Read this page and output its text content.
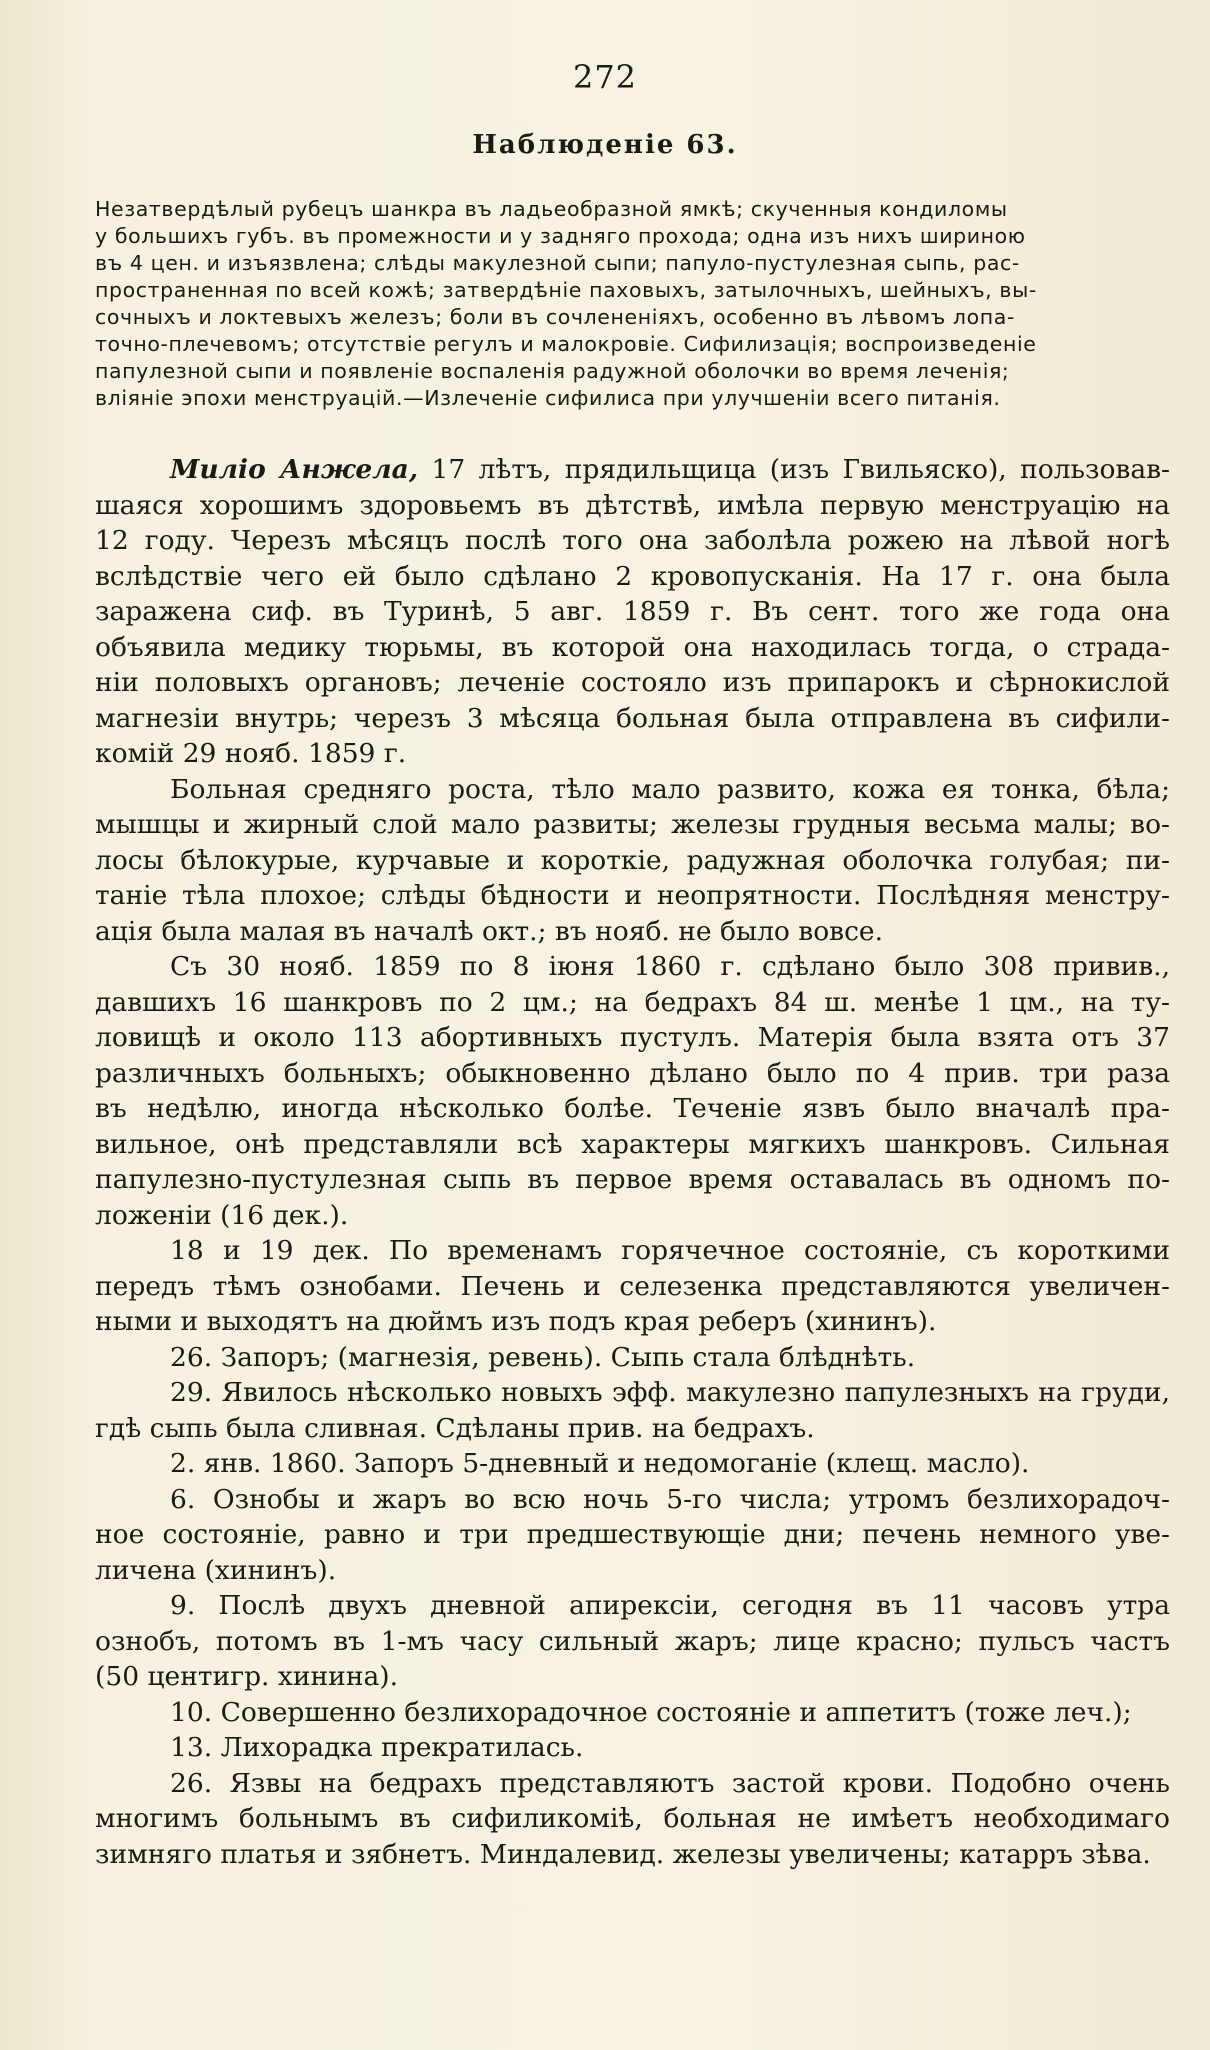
272
Наблюденіе 63.
Незатвердѣлый рубецъ шанкра въ ладьеобразной ямкѣ; скученныя кондиломы
у большихъ губъ. въ промежности и у задняго прохода; одна изъ нихъ шириною
въ 4 цен. и изъязвлена; слѣды макулезной сыпи; папуло-пустулезная сыпь, рас-
пространенная по всей кожѣ; затвердѣніе паховыхъ, затылочныхъ, шейныхъ, вы-
сочныхъ и локтевыхъ железъ; боли въ сочлененіяхъ, особенно въ лѣвомъ лопа-
точно-плечевомъ; отсутствіе регулъ и малокровіе. Сифилизація; воспроизведеніе
папулезной сыпи и появленіе воспаленія радужной оболочки во время леченія;
вліяніе эпохи менструацій.—Излеченіе сифилиса при улучшеніи всего питанія.
Миліо Анжела, 17 лѣтъ, прядильщица (изъ Гвильяско), пользовав-
шаяся хорошимъ здоровьемъ въ дѣтствѣ, имѣла первую менструацію на
12 году. Черезъ мѣсяцъ послѣ того она заболѣла рожею на лѣвой ногѣ
вслѣдствіе чего ей было сдѣлано 2 кровопусканія. На 17 г. она была
заражена сиф. въ Туринѣ, 5 авг. 1859 г. Въ сент. того же года она
объявила медику тюрьмы, въ которой она находилась тогда, о страда-
ніи половыхъ органовъ; леченіе состояло изъ припарокъ и сѣрнокислой
магнезіи внутрь; черезъ 3 мѣсяца больная была отправлена въ сифили-
комій 29 нояб. 1859 г.
Больная средняго роста, тѣло мало развито, кожа ея тонка, бѣла;
мышцы и жирный слой мало развиты; железы грудныя весьма малы; во-
лосы бѣлокурые, курчавые и короткіе, радужная оболочка голубая; пи-
таніе тѣла плохое; слѣды бѣдности и неопрятности. Послѣдняя менстру-
ація была малая въ началѣ окт.; въ нояб. не было вовсе.
Съ 30 нояб. 1859 по 8 іюня 1860 г. сдѣлано было 308 привив.,
давшихъ 16 шанкровъ по 2 цм.; на бедрахъ 84 ш. менѣе 1 цм., на ту-
ловищѣ и около 113 абортивныхъ пустулъ. Матерія была взята отъ 37
различныхъ больныхъ; обыкновенно дѣлано было по 4 прив. три раза
въ недѣлю, иногда нѣсколько болѣе. Теченіе язвъ было вначалѣ пра-
вильное, онѣ представляли всѣ характеры мягкихъ шанкровъ. Сильная
папулезно-пустулезная сыпь въ первое время оставалась въ одномъ по-
ложеніи (16 дек.).
18 и 19 дек. По временамъ горячечное состояніе, съ короткими
передъ тѣмъ ознобами. Печень и селезенка представляются увеличен-
ными и выходятъ на дюймъ изъ подъ края реберъ (хининъ).
26. Запоръ; (магнезія, ревень). Сыпь стала блѣднѣть.
29. Явилось нѣсколько новыхъ эфф. макулезно папулезныхъ на груди,
гдѣ сыпь была сливная. Сдѣланы прив. на бедрахъ.
2. янв. 1860. Запоръ 5-дневный и недомоганіе (клещ. масло).
6. Ознобы и жаръ во всю ночь 5-го числа; утромъ безлихорадоч-
ное состояніе, равно и три предшествующіе дни; печень немного уве-
личена (хининъ).
9. Послѣ двухъ дневной апирексіи, сегодня въ 11 часовъ утра
ознобъ, потомъ въ 1-мъ часу сильный жаръ; лице красно; пульсъ частъ
(50 центигр. хинина).
10. Совершенно безлихорадочное состояніе и аппетитъ (тоже леч.);
13. Лихорадка прекратилась.
26. Язвы на бедрахъ представляютъ застой крови. Подобно очень
многимъ больнымъ въ сифиликомiѣ, больная не имѣетъ необходимаго
зимняго платья и зябнетъ. Миндалевид. железы увеличены; катарръ зѣва.
